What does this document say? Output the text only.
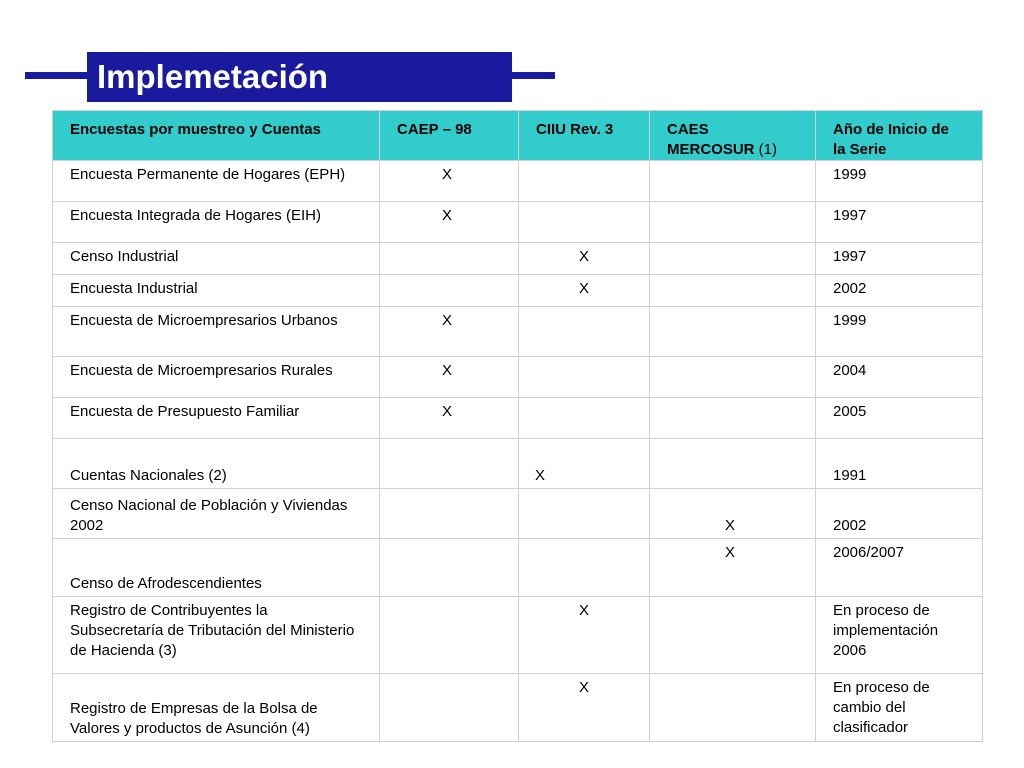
Implemetación
Encuestas por muestreo y Cuentas	CAEP – 98	CIIU Rev. 3	CAES MERCOSUR (1)	Año de Inicio de la Serie
Encuesta Permanente de Hogares (EPH)	X			1999
Encuesta Integrada de Hogares (EIH)	X			1997
Censo Industrial		X		1997
Encuesta Industrial		X		2002
Encuesta de Microempresarios Urbanos	X			1999
Encuesta de Microempresarios Rurales	X			2004
Encuesta de Presupuesto Familiar	X			2005
Cuentas Nacionales (2)		X		1991
Censo Nacional de Población y Viviendas 2002			X	2002
Censo de Afrodescendientes			X	2006/2007
Registro de Contribuyentes la Subsecretaría de Tributación del Ministerio de Hacienda (3)		X		En proceso de implementación 2006
Registro de Empresas de la Bolsa de Valores y productos de Asunción (4)		X		En proceso de cambio del clasificador
